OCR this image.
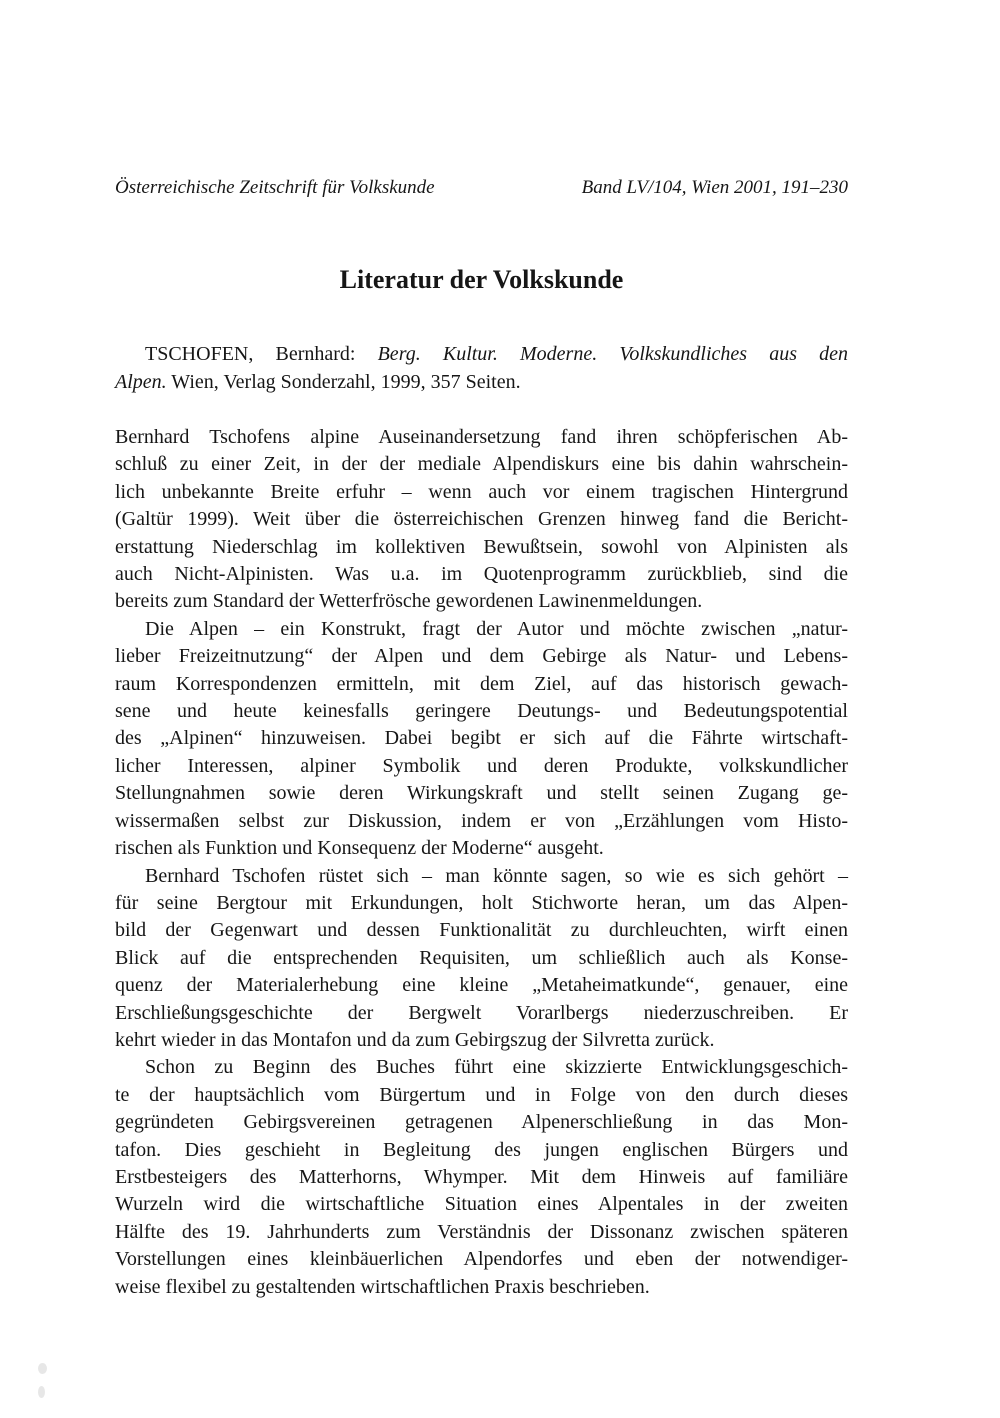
Österreichische Zeitschrift für Volkskunde	Band LV/104, Wien 2001, 191–230
Literatur der Volkskunde
TSCHOFEN, Bernhard: Berg. Kultur. Moderne. Volkskundliches aus den
Alpen. Wien, Verlag Sonderzahl, 1999, 357 Seiten.
Bernhard Tschofens alpine Auseinandersetzung fand ihren schöpferischen Ab-
schluß zu einer Zeit, in der der mediale Alpendiskurs eine bis dahin wahrschein-
lich unbekannte Breite erfuhr – wenn auch vor einem tragischen Hintergrund
(Galtür 1999). Weit über die österreichischen Grenzen hinweg fand die Bericht-
erstattung Niederschlag im kollektiven Bewußtsein, sowohl von Alpinisten als
auch Nicht-Alpinisten. Was u.a. im Quotenprogramm zurückblieb, sind die
bereits zum Standard der Wetterfrösche gewordenen Lawinenmeldungen.
Die Alpen – ein Konstrukt, fragt der Autor und möchte zwischen „natur-
lieber Freizeitnutzung“ der Alpen und dem Gebirge als Natur- und Lebens-
raum Korrespondenzen ermitteln, mit dem Ziel, auf das historisch gewach-
sene und heute keinesfalls geringere Deutungs- und Bedeutungspotential
des „Alpinen“ hinzuweisen. Dabei begibt er sich auf die Fährte wirtschaft-
licher Interessen, alpiner Symbolik und deren Produkte, volkskundlicher
Stellungnahmen sowie deren Wirkungskraft und stellt seinen Zugang ge-
wissermaßen selbst zur Diskussion, indem er von „Erzählungen vom Histo-
rischen als Funktion und Konsequenz der Moderne“ ausgeht.
Bernhard Tschofen rüstet sich – man könnte sagen, so wie es sich gehört –
für seine Bergtour mit Erkundungen, holt Stichworte heran, um das Alpen-
bild der Gegenwart und dessen Funktionalität zu durchleuchten, wirft einen
Blick auf die entsprechenden Requisiten, um schließlich auch als Konse-
quenz der Materialerhebung eine kleine „Metaheimatkunde“, genauer, eine
Erschließungsgeschichte der Bergwelt Vorarlbergs niederzuschreiben. Er
kehrt wieder in das Montafon und da zum Gebirgszug der Silvretta zurück.
Schon zu Beginn des Buches führt eine skizzierte Entwicklungsgeschich-
te der hauptsächlich vom Bürgertum und in Folge von den durch dieses
gegründeten Gebirgsvereinen getragenen Alpenerschließung in das Mon-
tafon. Dies geschieht in Begleitung des jungen englischen Bürgers und
Erstbesteigers des Matterhorns, Whymper. Mit dem Hinweis auf familiäre
Wurzeln wird die wirtschaftliche Situation eines Alpentales in der zweiten
Hälfte des 19. Jahrhunderts zum Verständnis der Dissonanz zwischen späteren
Vorstellungen eines kleinbäuerlichen Alpendorfes und eben der notwendiger-
weise flexibel zu gestaltenden wirtschaftlichen Praxis beschrieben.
